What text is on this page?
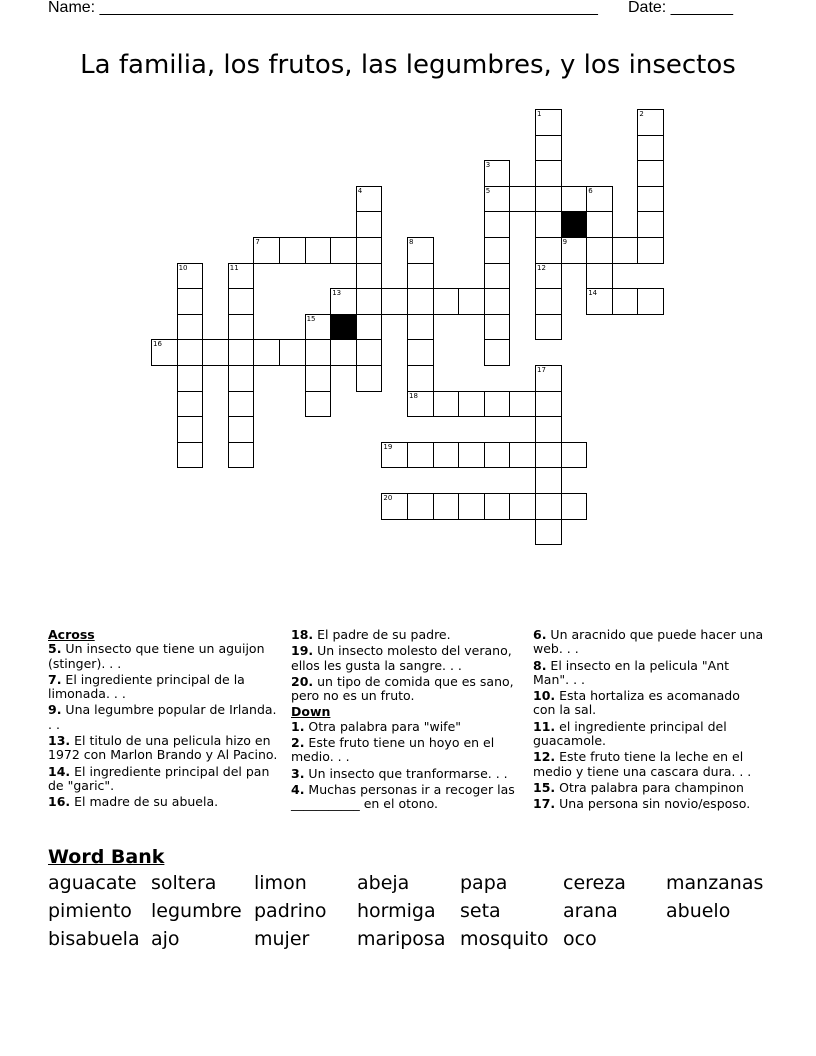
Name: ________________________________________________________ Date: _______
La familia, los frutos, las legumbres, y los insectos
1	2
3
4	5	6
7	8	9
10	11	12
13	14
15
16
17
18
19
20
Across
5. Un insecto que tiene un aguijon (stinger). . .
7. El ingrediente principal de la limonada. . .
9. Una legumbre popular de Irlanda. . .
13. El titulo de una pelicula hizo en 1972 con Marlon Brando y Al Pacino.
14. El ingrediente principal del pan de "garic".
16. El madre de su abuela.
18. El padre de su padre.
19. Un insecto molesto del verano, ellos les gusta la sangre. . .
20. un tipo de comida que es sano, pero no es un fruto.
Down
1. Otra palabra para "wife"
2. Este fruto tiene un hoyo en el medio. . .
3. Un insecto que tranformarse. . .
4. Muchas personas ir a recoger las ___________ en el otono.
6. Un aracnido que puede hacer una web. . .
8. El insecto en la pelicula "Ant Man". . .
10. Esta hortaliza es acomanado con la sal.
11. el ingrediente principal del guacamole.
12. Este fruto tiene la leche en el medio y tiene una cascara dura. . .
15. Otra palabra para champinon
17. Una persona sin novio/esposo.
Word Bank
aguacate soltera limon	abeja	papa	cereza manzanas
pimiento legumbre padrino hormiga seta	arana	abuelo
bisabuela ajo	mujer	mariposa mosquito oco
